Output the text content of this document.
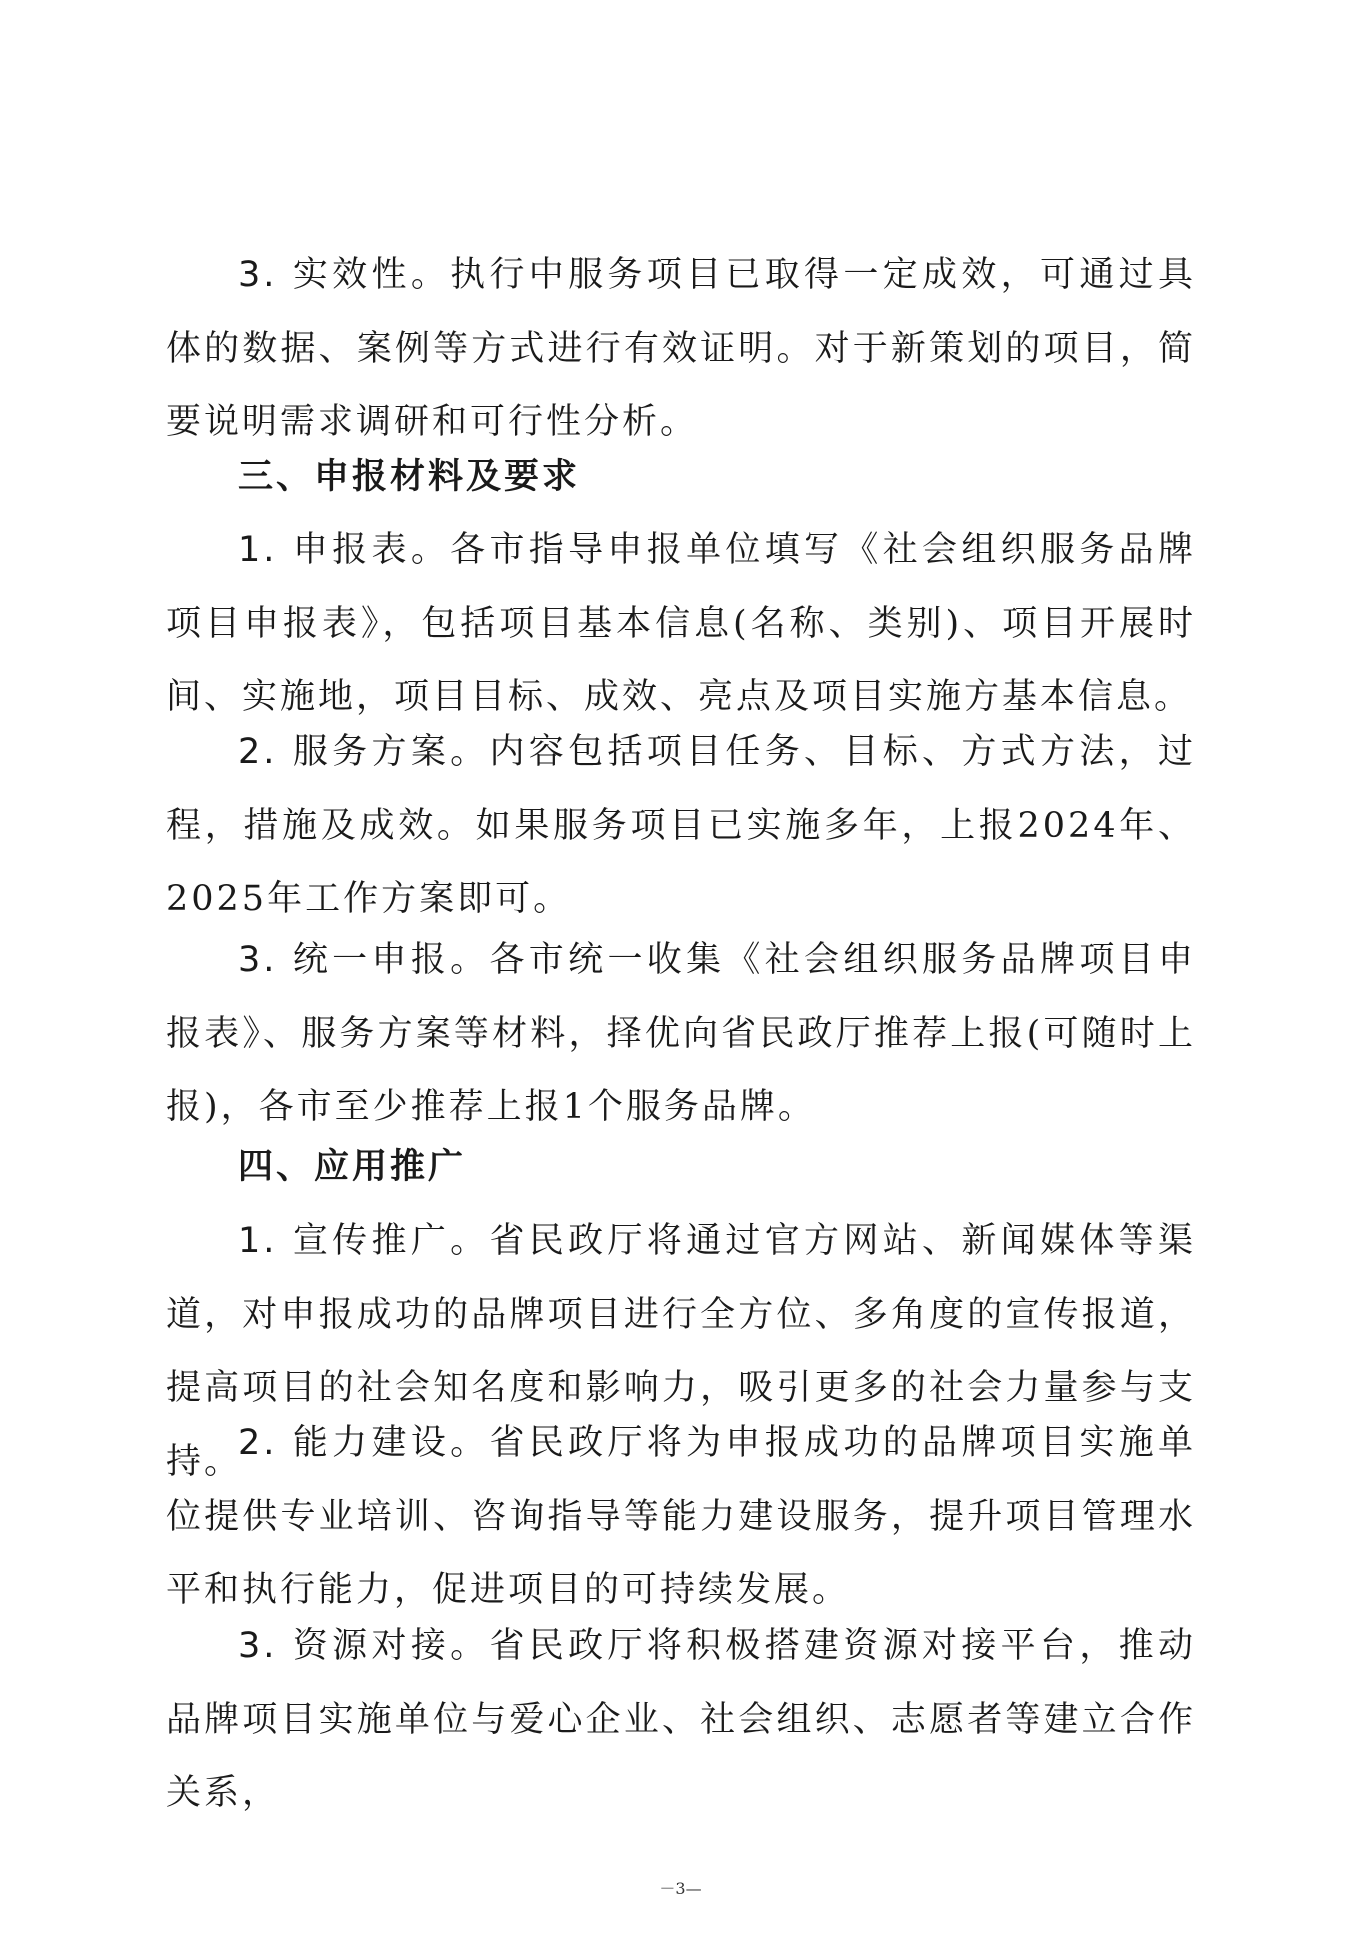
3. 实效性。执行中服务项目已取得一定成效，可通过具体的数据、案例等方式进行有效证明。对于新策划的项目，简要说明需求调研和可行性分析。

三、申报材料及要求

1. 申报表。各市指导申报单位填写《社会组织服务品牌项目申报表》，包括项目基本信息(名称、类别)、项目开展时间、实施地，项目目标、成效、亮点及项目实施方基本信息。

2. 服务方案。内容包括项目任务、目标、方式方法，过程，措施及成效。如果服务项目已实施多年，上报2024年、2025年工作方案即可。

3. 统一申报。各市统一收集《社会组织服务品牌项目申报表》、服务方案等材料，择优向省民政厅推荐上报(可随时上报)，各市至少推荐上报1个服务品牌。

四、应用推广

1. 宣传推广。省民政厅将通过官方网站、新闻媒体等渠道，对申报成功的品牌项目进行全方位、多角度的宣传报道，提高项目的社会知名度和影响力，吸引更多的社会力量参与支持。

2. 能力建设。省民政厅将为申报成功的品牌项目实施单位提供专业培训、咨询指导等能力建设服务，提升项目管理水平和执行能力，促进项目的可持续发展。

3. 资源对接。省民政厅将积极搭建资源对接平台，推动品牌项目实施单位与爱心企业、社会组织、志愿者等建立合作关系，

－3—
